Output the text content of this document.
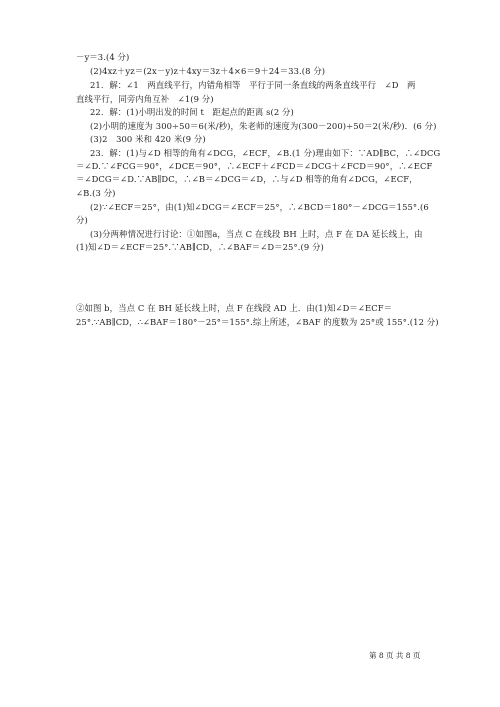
－y＝3.(4 分)
(2)4xz＋yz＝(2x－y)z＋4xy＝3z＋4×6＝9＋24＝33.(8 分)
21．解：∠1　两直线平行，内错角相等　平行于同一条直线的两条直线平行　∠D　两
直线平行，同旁内角互补　∠1(9 分)
22．解：(1)小明出发的时间 t　距起点的距离 s(2 分)
(2)小明的速度为 300÷50＝6(米/秒)，朱老师的速度为(300－200)÷50＝2(米/秒)．(6 分)
(3)2　300 米和 420 米(9 分)
23．解：(1)与∠D 相等的角有∠DCG，∠ECF，∠B.(1 分)理由如下：∵AD∥BC，∴∠DCG
＝∠D.∵∠FCG＝90°，∠DCE＝90°，∴∠ECF＋∠FCD＝∠DCG＋∠FCD＝90°，∴∠ECF
＝∠DCG＝∠D.∵AB∥DC，∴∠B＝∠DCG＝∠D，∴与∠D 相等的角有∠DCG，∠ECF，
∠B.(3 分)
(2)∵∠ECF＝25°，由(1)知∠DCG＝∠ECF＝25°，∴∠BCD＝180°－∠DCG＝155°.(6
分)
(3)分两种情况进行讨论：①如图a，当点 C 在线段 BH 上时，点 F 在 DA 延长线上，由
(1)知∠D＝∠ECF＝25°.∵AB∥CD，∴∠BAF＝∠D＝25°.(9 分)
②如图 b，当点 C 在 BH 延长线上时，点 F 在线段 AD 上．由(1)知∠D＝∠ECF＝
25°.∵AB∥CD，∴∠BAF＝180°－25°＝155°.综上所述，∠BAF 的度数为 25°或 155°.(12 分)
第 8 页 共 8 页
